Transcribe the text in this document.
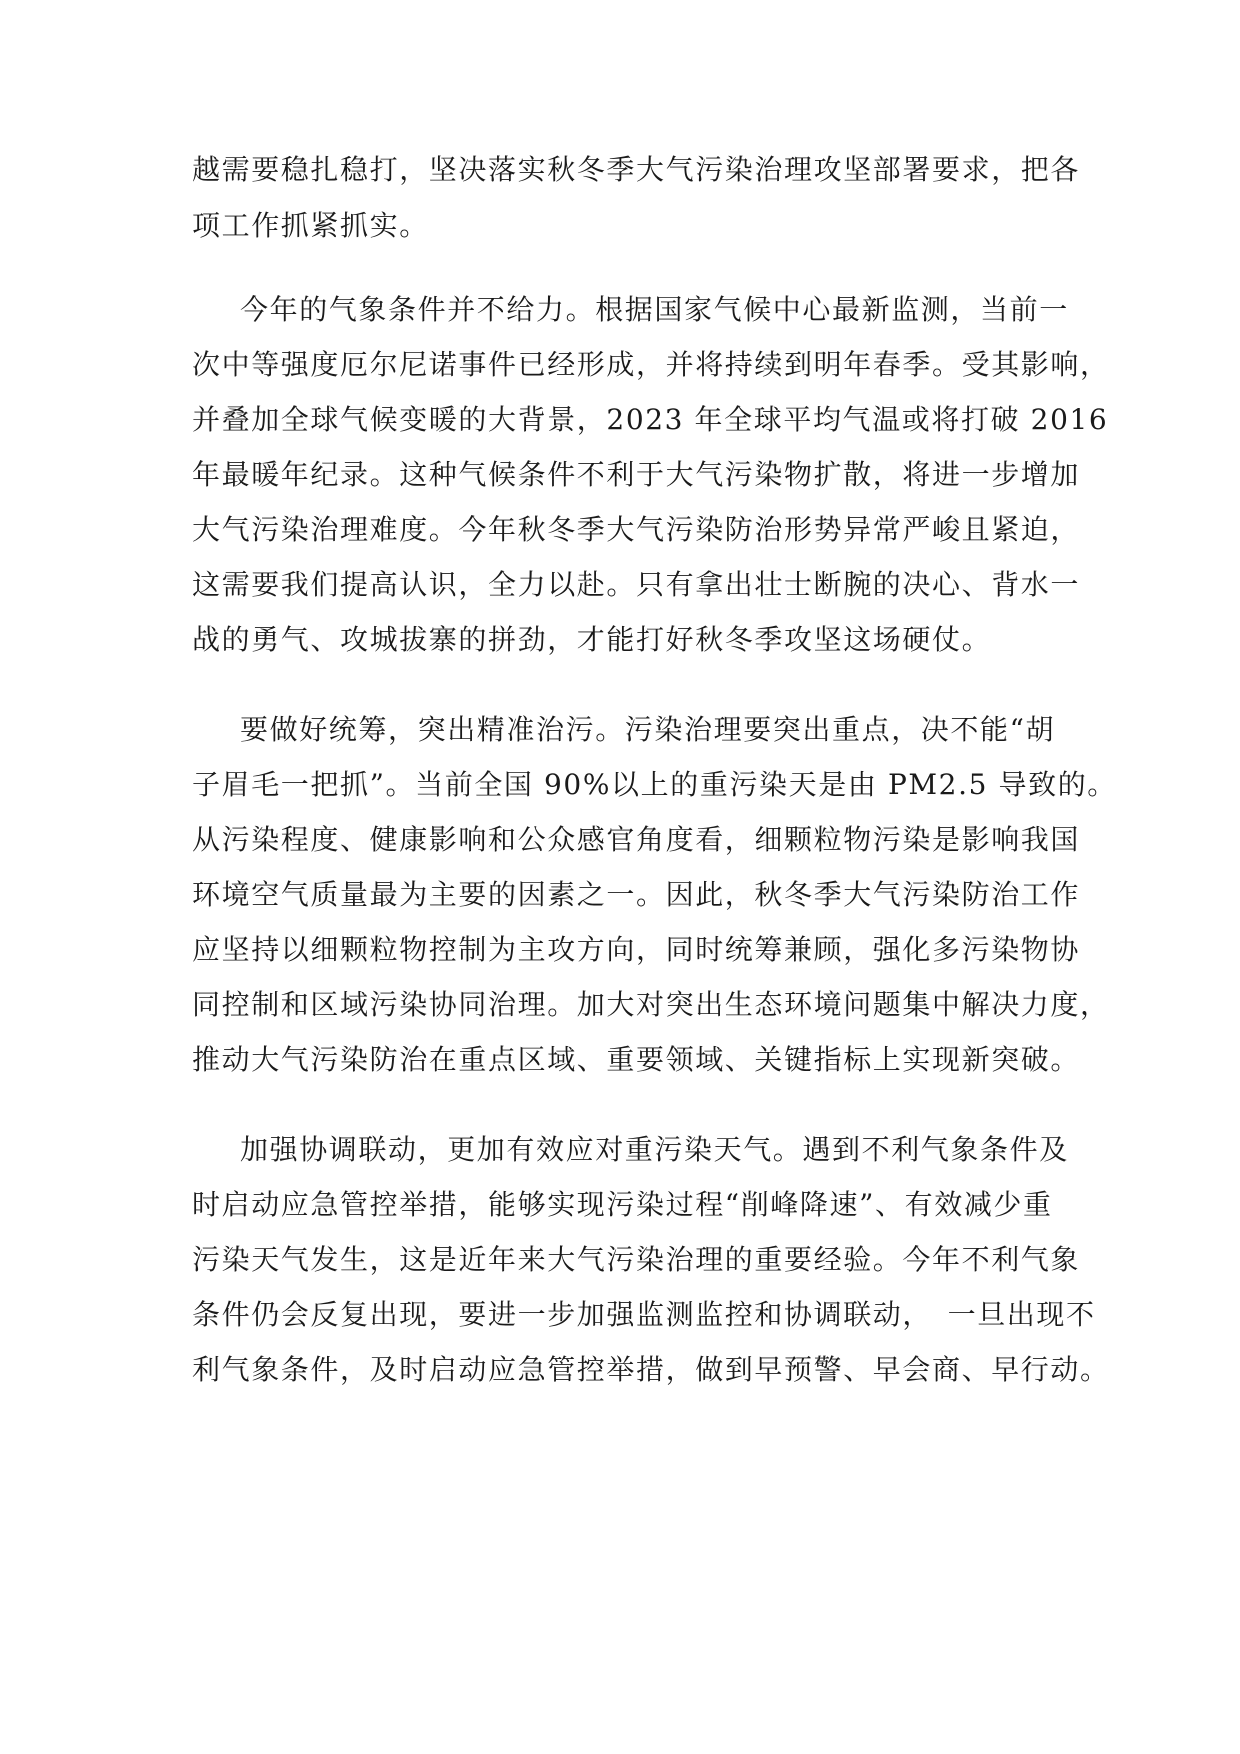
越需要稳扎稳打，坚决落实秋冬季大气污染治理攻坚部署要求，把各
项工作抓紧抓实。
今年的气象条件并不给力。根据国家气候中心最新监测，当前一
次中等强度厄尔尼诺事件已经形成，并将持续到明年春季。受其影响，
并叠加全球气候变暖的大背景，2023 年全球平均气温或将打破 2016
年最暖年纪录。这种气候条件不利于大气污染物扩散，将进一步增加
大气污染治理难度。今年秋冬季大气污染防治形势异常严峻且紧迫，
这需要我们提高认识，全力以赴。只有拿出壮士断腕的决心、背水一
战的勇气、攻城拔寨的拼劲，才能打好秋冬季攻坚这场硬仗。
要做好统筹，突出精准治污。污染治理要突出重点，决不能“胡
子眉毛一把抓”。当前全国 90%以上的重污染天是由 PM2.5 导致的。
从污染程度、健康影响和公众感官角度看，细颗粒物污染是影响我国
环境空气质量最为主要的因素之一。因此，秋冬季大气污染防治工作
应坚持以细颗粒物控制为主攻方向，同时统筹兼顾，强化多污染物协
同控制和区域污染协同治理。加大对突出生态环境问题集中解决力度，
推动大气污染防治在重点区域、重要领域、关键指标上实现新突破。
加强协调联动，更加有效应对重污染天气。遇到不利气象条件及
时启动应急管控举措，能够实现污染过程“削峰降速”、有效减少重
污染天气发生，这是近年来大气污染治理的重要经验。今年不利气象
条件仍会反复出现，要进一步加强监测监控和协调联动，　一旦出现不
利气象条件，及时启动应急管控举措，做到早预警、早会商、早行动。
